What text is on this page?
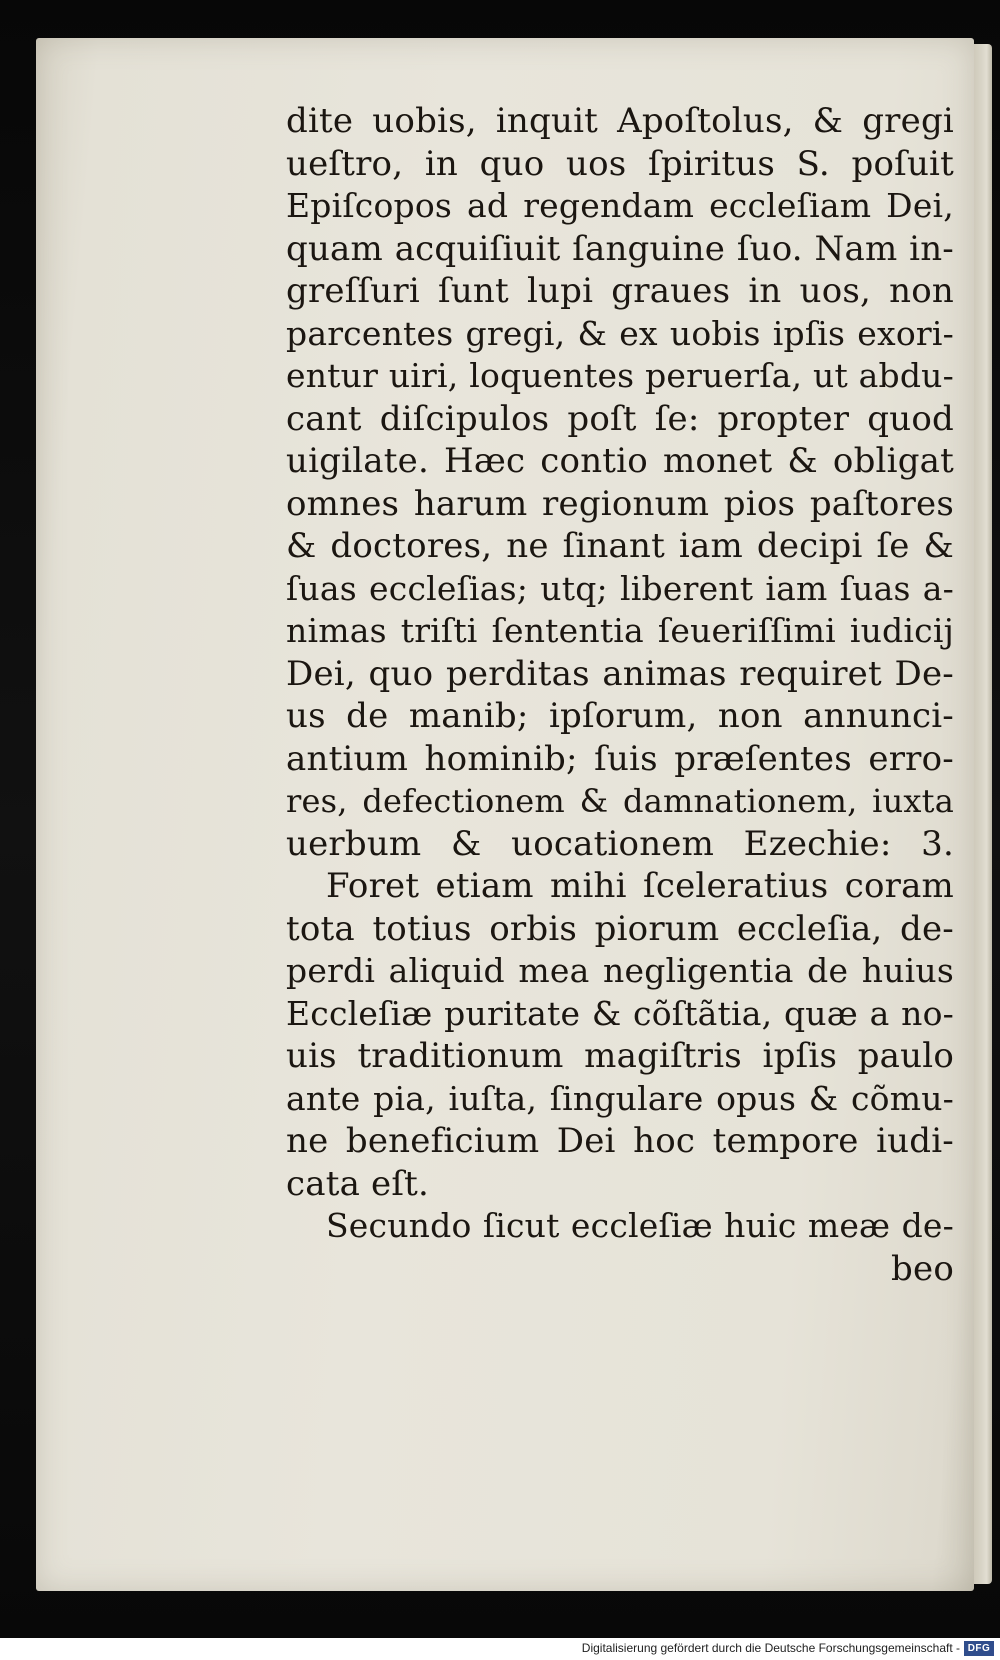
dite uobis, inquit Apoſtolus, & gregi
ueſtro, in quo uos ſpiritus S. poſuit
Epiſcopos ad regendam eccleſiam Dei,
quam acquiſiuit ſanguine ſuo. Nam in-
greſſuri ſunt lupi graues in uos, non
parcentes gregi, & ex uobis ipſis exori-
entur uiri, loquentes peruerſa, ut abdu-
cant diſcipulos poſt ſe: propter quod
uigilate. Hæc contio monet & obligat
omnes harum regionum pios paſtores
& doctores, ne ſinant iam decipi ſe &
ſuas eccleſias; utq; liberent iam ſuas a-
nimas triſti ſententia ſeueriſſimi iudicij
Dei, quo perditas animas requiret De-
us de manib; ipſorum, non annunci-
antium hominib; ſuis præſentes erro-
res, defectionem & damnationem, iuxta
uerbum & uocationem Ezechie: 3.
Foret etiam mihi ſceleratius coram
tota totius orbis piorum eccleſia, de-
perdi aliquid mea negligentia de huius
Eccleſiæ puritate & cõſtãtia, quæ a no-
uis traditionum magiſtris ipſis paulo
ante pia, iuſta, ſingulare opus & cõmu-
ne beneficium Dei hoc tempore iudi-
cata eſt.
Secundo ſicut eccleſiæ huic meæ de-
beo
Digitalisierung gefördert durch die Deutsche Forschungsgemeinschaft - DFG
